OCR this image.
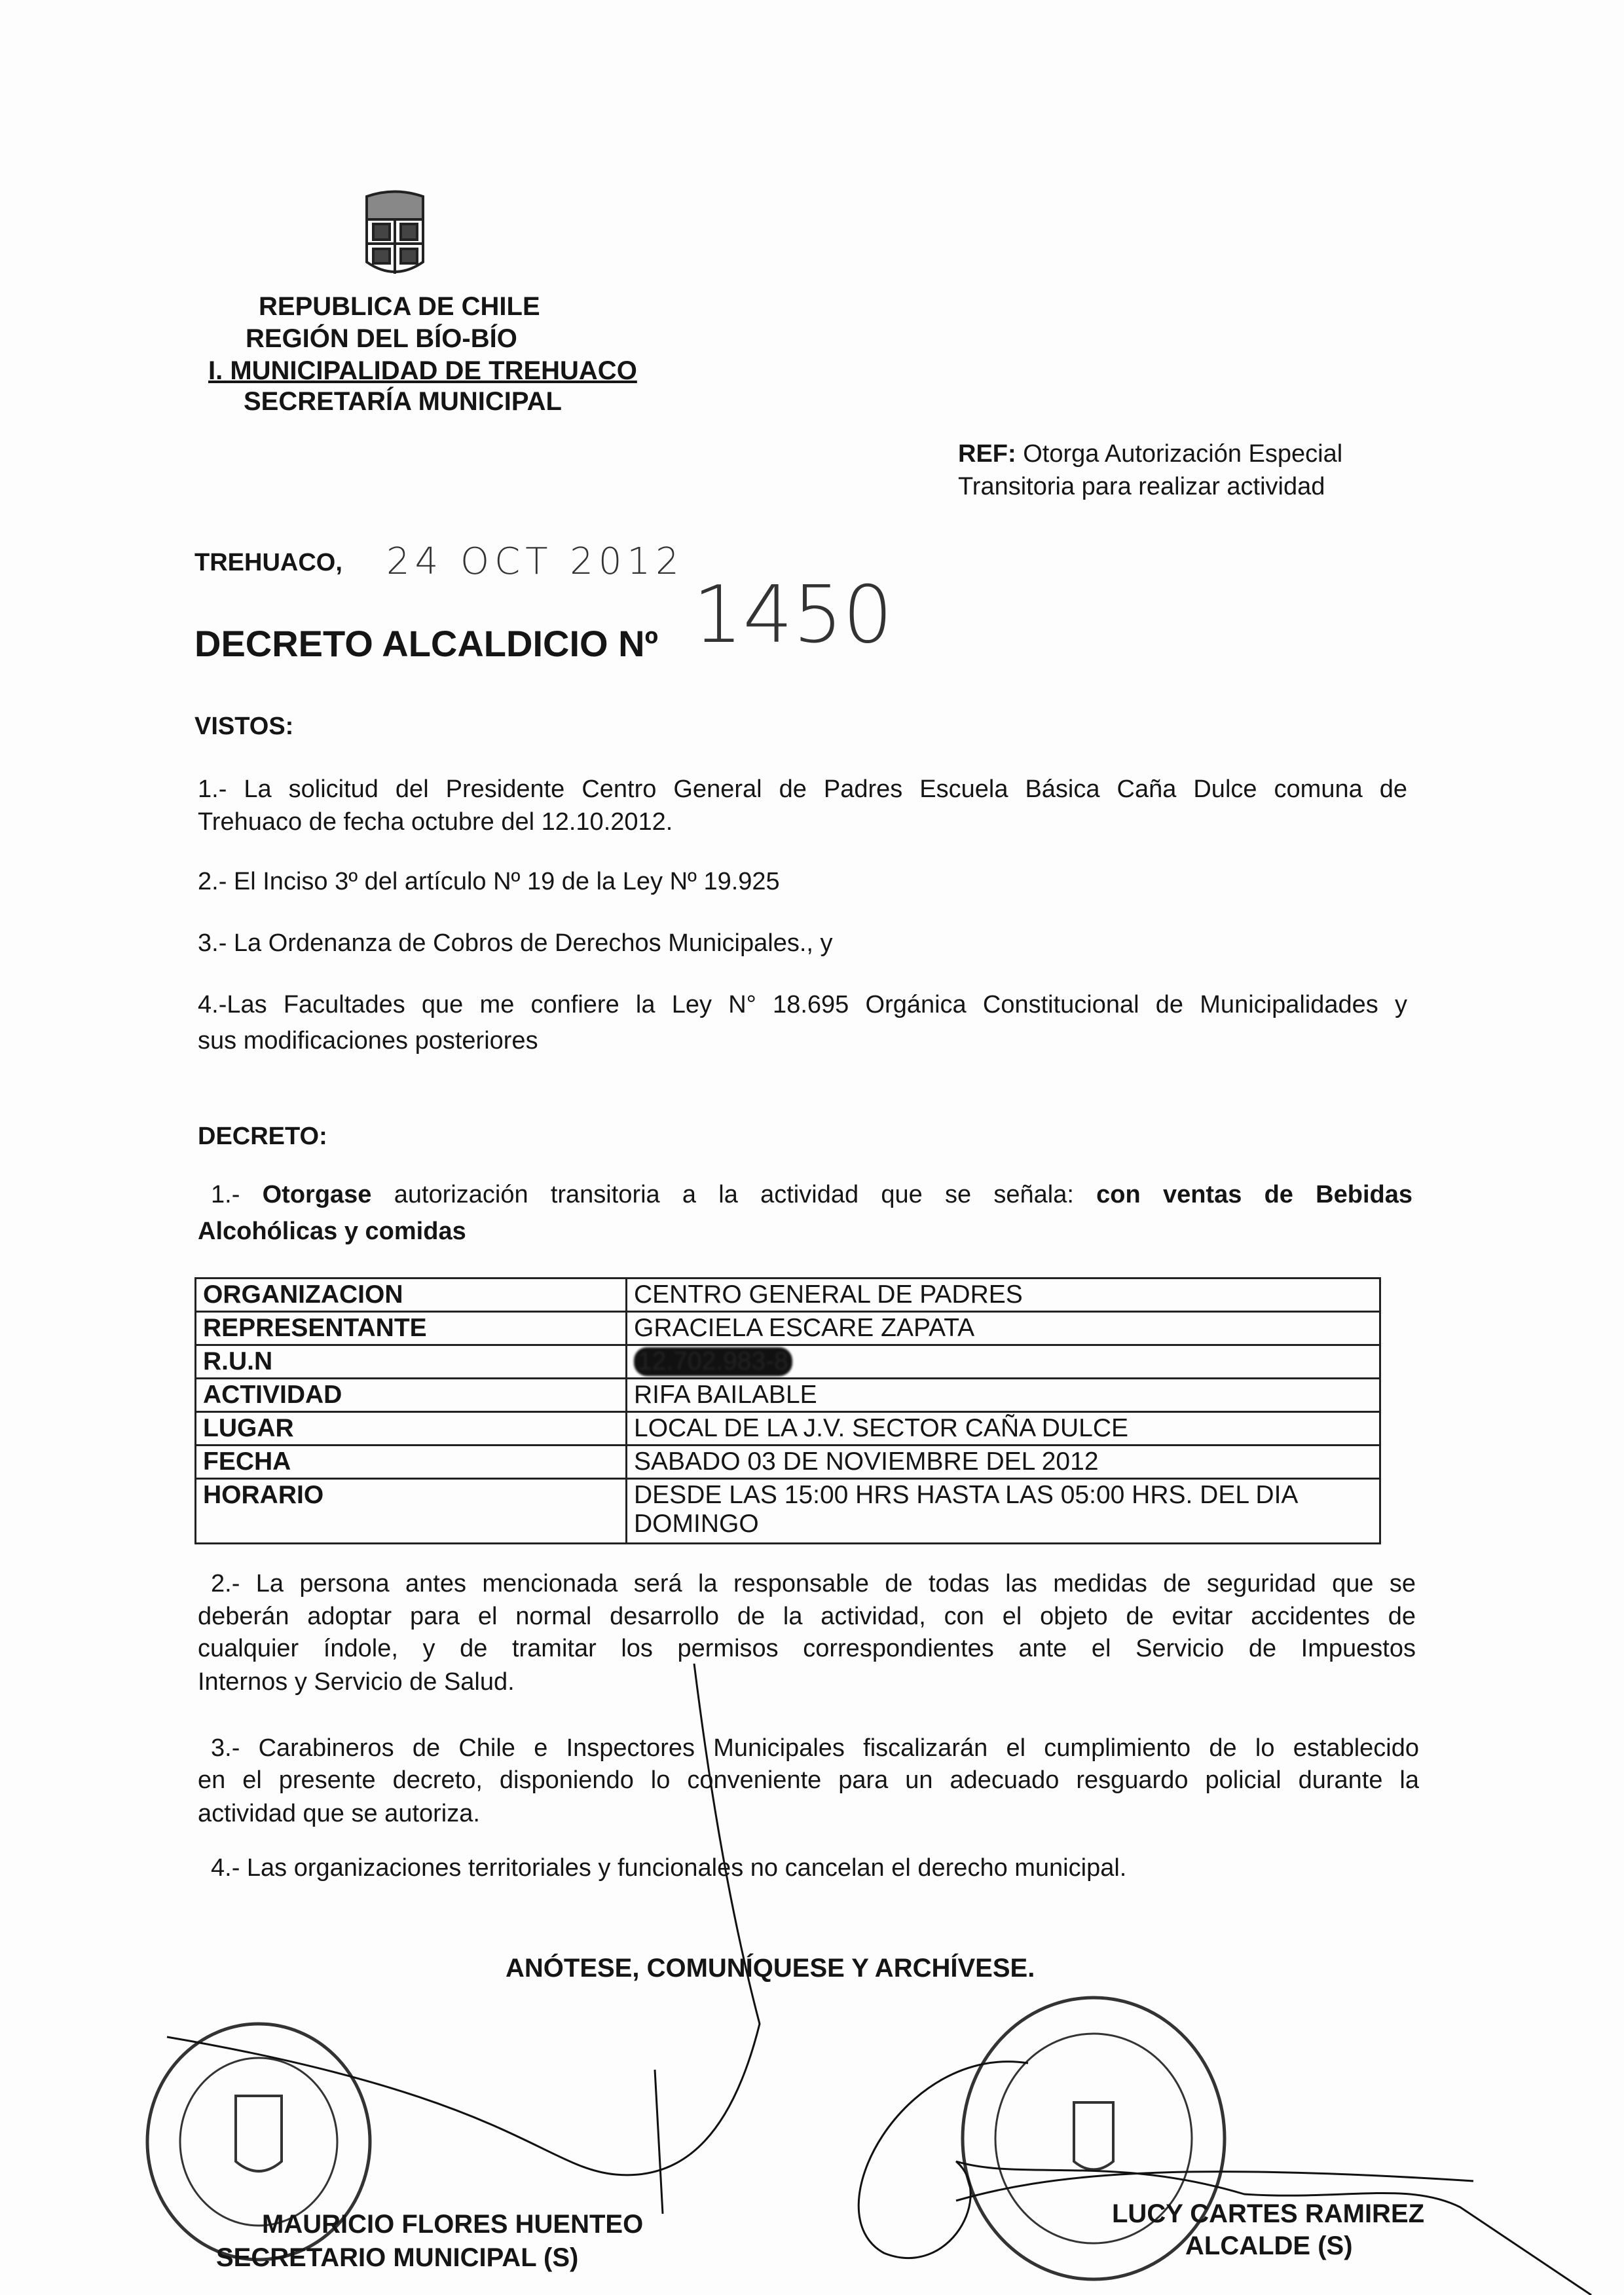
REPUBLICA DE CHILE
REGIÓN DEL BÍO-BÍO
I. MUNICIPALIDAD DE TREHUACO
SECRETARÍA MUNICIPAL
REF: Otorga Autorización Especial
Transitoria para realizar actividad
TREHUACO, 24 OCT 2012
DECRETO ALCALDICIO Nº 1450
VISTOS:
1.- La solicitud del Presidente Centro General de Padres Escuela Básica Caña Dulce comuna de
Trehuaco de fecha octubre del 12.10.2012.
2.- El Inciso 3º del artículo Nº 19 de la Ley Nº 19.925
3.- La Ordenanza de Cobros de Derechos Municipales., y
4.-Las Facultades que me confiere la Ley N° 18.695 Orgánica Constitucional de Municipalidades y
sus modificaciones posteriores
DECRETO:
1.- Otorgase autorización transitoria a la actividad que se señala: con ventas de Bebidas
Alcohólicas y comidas
ORGANIZACION	CENTRO GENERAL DE PADRES
REPRESENTANTE	GRACIELA ESCARE ZAPATA
R.U.N	12.702.983-8
ACTIVIDAD	RIFA BAILABLE
LUGAR	LOCAL DE LA J.V. SECTOR CAÑA DULCE
FECHA	SABADO 03 DE NOVIEMBRE DEL 2012
HORARIO	DESDE LAS 15:00 HRS HASTA LAS 05:00 HRS. DEL DIA DOMINGO
2.- La persona antes mencionada será la responsable de todas las medidas de seguridad que se
deberán adoptar para el normal desarrollo de la actividad, con el objeto de evitar accidentes de
cualquier índole, y de tramitar los permisos correspondientes ante el Servicio de Impuestos
Internos y Servicio de Salud.
3.- Carabineros de Chile e Inspectores Municipales fiscalizarán el cumplimiento de lo establecido
en el presente decreto, disponiendo lo conveniente para un adecuado resguardo policial durante la
actividad que se autoriza.
4.- Las organizaciones territoriales y funcionales no cancelan el derecho municipal.
ANÓTESE, COMUNÍQUESE Y ARCHÍVESE.
MAURICIO FLORES HUENTEO
SECRETARIO MUNICIPAL (S)
LUCY CARTES RAMIREZ
ALCALDE (S)
